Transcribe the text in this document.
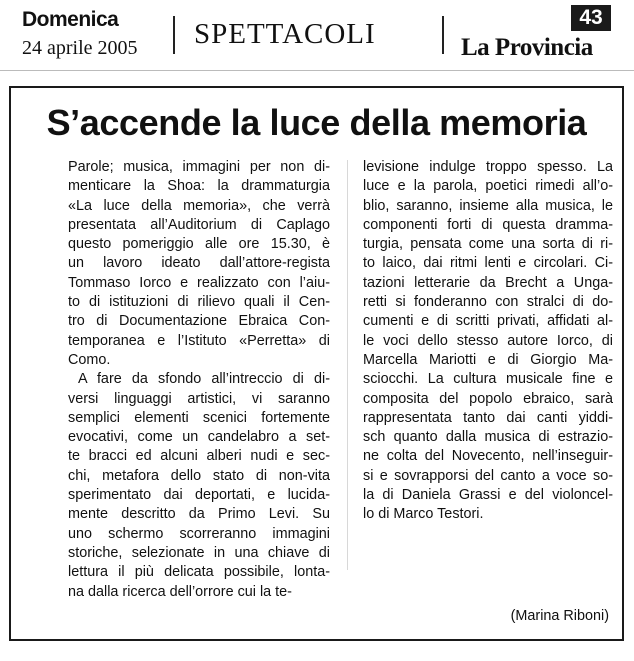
Domenica
24 aprile 2005 SPETTACOLI
43
La Provincia
S’accende la luce della memoria
Parole; musica, immagini per non di-
menticare la Shoa: la drammaturgia
«La luce della memoria», che verrà
presentata all’Auditorium di Caplago
questo pomeriggio alle ore 15.30, è
un lavoro ideato dall’attore-regista
Tommaso Iorco e realizzato con l’aiu-
to di istituzioni di rilievo quali il Cen-
tro di Documentazione Ebraica Con-
temporanea e l’Istituto «Perretta» di
Como.
A fare da sfondo all’intreccio di di-
versi linguaggi artistici, vi saranno
semplici elementi scenici fortemente
evocativi, come un candelabro a set-
te bracci ed alcuni alberi nudi e sec-
chi, metafora dello stato di non-vita
sperimentato dai deportati, e lucida-
mente descritto da Primo Levi. Su
uno schermo scorreranno immagini
storiche, selezionate in una chiave di
lettura il più delicata possibile, lonta-
na dalla ricerca dell’orrore cui la te-
levisione indulge troppo spesso. La
luce e la parola, poetici rimedi all’o-
blio, saranno, insieme alla musica, le
componenti forti di questa dramma-
turgia, pensata come una sorta di ri-
to laico, dai ritmi lenti e circolari. Ci-
tazioni letterarie da Brecht a Unga-
retti si fonderanno con stralci di do-
cumenti e di scritti privati, affidati al-
le voci dello stesso autore Iorco, di
Marcella Mariotti e di Giorgio Ma-
sciocchi. La cultura musicale fine e
composita del popolo ebraico, sarà
rappresentata tanto dai canti yiddi-
sch quanto dalla musica di estrazio-
ne colta del Novecento, nell’inseguir-
si e sovrapporsi del canto a voce so-
la di Daniela Grassi e del violoncel-
lo di Marco Testori.
(Marina Riboni)
